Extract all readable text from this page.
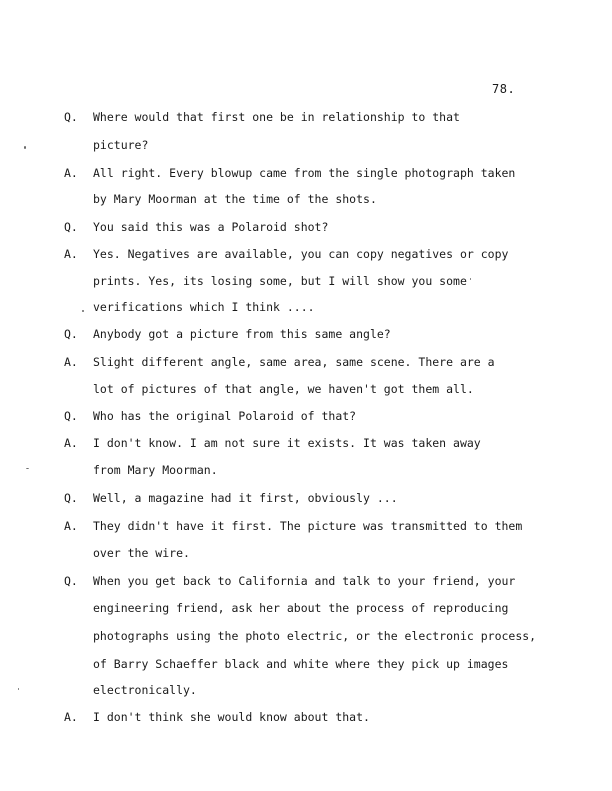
78.
Q. Where would that first one be in relationship to that
picture?
A. All right. Every blowup came from the single photograph taken
by Mary Moorman at the time of the shots.
Q. You said this was a Polaroid shot?
A. Yes. Negatives are available, you can copy negatives or copy
prints. Yes, its losing some, but I will show you some
verifications which I think ....
Q. Anybody got a picture from this same angle?
A. Slight different angle, same area, same scene. There are a
lot of pictures of that angle, we haven't got them all.
Q. Who has the original Polaroid of that?
A. I don't know. I am not sure it exists. It was taken away
from Mary Moorman.
Q. Well, a magazine had it first, obviously ...
A. They didn't have it first. The picture was transmitted to them
over the wire.
Q. When you get back to California and talk to your friend, your
engineering friend, ask her about the process of reproducing
photographs using the photo electric, or the electronic process,
of Barry Schaeffer black and white where they pick up images
electronically.
A. I don't think she would know about that.
